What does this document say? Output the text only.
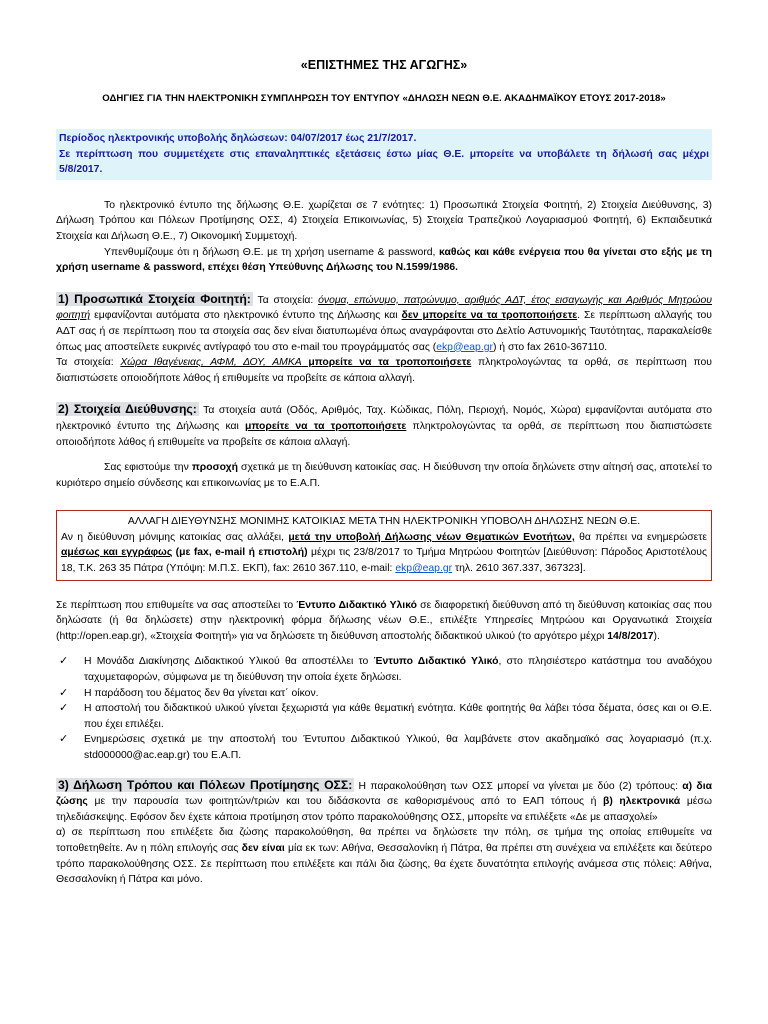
«ΕΠΙΣΤΗΜΕΣ ΤΗΣ ΑΓΩΓΗΣ»

ΟΔΗΓΙΕΣ ΓΙΑ ΤΗΝ ΗΛΕΚΤΡΟΝΙΚΗ ΣΥΜΠΛΗΡΩΣΗ ΤΟΥ ΕΝΤΥΠΟΥ «ΔΗΛΩΣΗ ΝΕΩΝ Θ.Ε. ΑΚΑΔΗΜΑΪΚΟΥ ΕΤΟΥΣ 2017-2018»

Περίοδος ηλεκτρονικής υποβολής δηλώσεων: 04/07/2017 έως 21/7/2017.

Σε περίπτωση που συμμετέχετε στις επαναληπτικές εξετάσεις έστω μίας Θ.Ε. μπορείτε να υποβάλετε τη δήλωσή σας μέχρι 5/8/2017.

Το ηλεκτρονικό έντυπο της δήλωσης Θ.Ε. χωρίζεται σε 7 ενότητες: 1) Προσωπικά Στοιχεία Φοιτητή, 2) Στοιχεία Διεύθυνσης, 3) Δήλωση Τρόπου και Πόλεων Προτίμησης ΟΣΣ, 4) Στοιχεία Επικοινωνίας, 5) Στοιχεία Τραπεζικού Λογαριασμού Φοιτητή, 6) Εκπαιδευτικά Στοιχεία και Δήλωση Θ.Ε., 7) Οικονομική Συμμετοχή.

Υπενθυμίζουμε ότι η δήλωση Θ.Ε. με τη χρήση username & password, καθώς και κάθε ενέργεια που θα γίνεται στο εξής με τη χρήση username & password, επέχει θέση Υπεύθυνης Δήλωσης του Ν.1599/1986.

1) Προσωπικά Στοιχεία Φοιτητή: Τα στοιχεία: όνομα, επώνυμο, πατρώνυμο, αριθμός ΑΔΤ, έτος εισαγωγής και Αριθμός Μητρώου φοιτητή εμφανίζονται αυτόματα στο ηλεκτρονικό έντυπο της Δήλωσης και δεν μπορείτε να τα τροποποιήσετε. Σε περίπτωση αλλαγής του ΑΔΤ σας ή σε περίπτωση που τα στοιχεία σας δεν είναι διατυπωμένα όπως αναγράφονται στο Δελτίο Αστυνομικής Ταυτότητας, παρακαλείσθε όπως μας αποστείλετε ευκρινές αντίγραφό του στο e-mail του προγράμματός σας (ekp@eap.gr) ή στο fax 2610-367110.

Τα στοιχεία: Χώρα Ιθαγένειας, ΑΦΜ, ΔΟΥ, ΑΜΚΑ μπορείτε να τα τροποποιήσετε πληκτρολογώντας τα ορθά, σε περίπτωση που διαπιστώσετε οποιοδήποτε λάθος ή επιθυμείτε να προβείτε σε κάποια αλλαγή.

2) Στοιχεία Διεύθυνσης: Τα στοιχεία αυτά (Οδός, Αριθμός, Ταχ. Κώδικας, Πόλη, Περιοχή, Νομός, Χώρα) εμφανίζονται αυτόματα στο ηλεκτρονικό έντυπο της Δήλωσης και μπορείτε να τα τροποποιήσετε πληκτρολογώντας τα ορθά, σε περίπτωση που διαπιστώσετε οποιοδήποτε λάθος ή επιθυμείτε να προβείτε σε κάποια αλλαγή.

Σας εφιστούμε την προσοχή σχετικά με τη διεύθυνση κατοικίας σας. Η διεύθυνση την οποία δηλώνετε στην αίτησή σας, αποτελεί το κυριότερο σημείο σύνδεσης και επικοινωνίας με το Ε.Α.Π.

ΑΛΛΑΓΗ ΔΙΕΥΘΥΝΣΗΣ ΜΟΝΙΜΗΣ ΚΑΤΟΙΚΙΑΣ ΜΕΤΑ ΤΗΝ ΗΛΕΚΤΡΟΝΙΚΗ ΥΠΟΒΟΛΗ ΔΗΛΩΣΗΣ ΝΕΩΝ Θ.Ε.

Αν η διεύθυνση μόνιμης κατοικίας σας αλλάξει, μετά την υποβολή Δήλωσης νέων Θεματικών Ενοτήτων, θα πρέπει να ενημερώσετε αμέσως και εγγράφως (με fax, e-mail ή επιστολή) μέχρι τις 23/8/2017 το Τμήμα Μητρώου Φοιτητών [Διεύθυνση: Πάροδος Αριστοτέλους 18, Τ.Κ. 263 35 Πάτρα (Υπόψη: Μ.Π.Σ. ΕΚΠ), fax: 2610 367.110, e-mail: ekp@eap.gr τηλ. 2610 367.337, 367323].

Σε περίπτωση που επιθυμείτε να σας αποστείλει το Έντυπο Διδακτικό Υλικό σε διαφορετική διεύθυνση από τη διεύθυνση κατοικίας σας που δηλώσατε (ή θα δηλώσετε) στην ηλεκτρονική φόρμα δήλωσης νέων Θ.Ε., επιλέξτε Υπηρεσίες Μητρώου και Οργανωτικά Στοιχεία (http://open.eap.gr), «Στοιχεία Φοιτητή» για να δηλώσετε τη διεύθυνση αποστολής διδακτικού υλικού (το αργότερο μέχρι 14/8/2017).

✓ Η Μονάδα Διακίνησης Διδακτικού Υλικού θα αποστέλλει το Έντυπο Διδακτικό Υλικό, στο πλησιέστερο κατάστημα του αναδόχου ταχυμεταφορών, σύμφωνα με τη διεύθυνση την οποία έχετε δηλώσει.
✓ Η παράδοση του δέματος δεν θα γίνεται κατ΄ οίκον.
✓ Η αποστολή του διδακτικού υλικού γίνεται ξεχωριστά για κάθε θεματική ενότητα. Κάθε φοιτητής θα λάβει τόσα δέματα, όσες και οι Θ.Ε. που έχει επιλέξει.
✓ Ενημερώσεις σχετικά με την αποστολή του Έντυπου Διδακτικού Υλικού, θα λαμβάνετε στον ακαδημαϊκό σας λογαριασμό (π.χ. std000000@ac.eap.gr) του Ε.Α.Π.

3) Δήλωση Τρόπου και Πόλεων Προτίμησης ΟΣΣ: Η παρακολούθηση των ΟΣΣ μπορεί να γίνεται με δύο (2) τρόπους: α) δια ζώσης με την παρουσία των φοιτητών/τριών και του διδάσκοντα σε καθορισμένους από το ΕΑΠ τόπους ή β) ηλεκτρονικά μέσω τηλεδιάσκεψης. Εφόσον δεν έχετε κάποια προτίμηση στον τρόπο παρακολούθησης ΟΣΣ, μπορείτε να επιλέξετε «Δε με απασχολεί»

α) σε περίπτωση που επιλέξετε δια ζώσης παρακολούθηση, θα πρέπει να δηλώσετε την πόλη, σε τμήμα της οποίας επιθυμείτε να τοποθετηθείτε. Αν η πόλη επιλογής σας δεν είναι μία εκ των: Αθήνα, Θεσσαλονίκη ή Πάτρα, θα πρέπει στη συνέχεια να επιλέξετε και δεύτερο τρόπο παρακολούθησης ΟΣΣ. Σε περίπτωση που επιλέξετε και πάλι δια ζώσης, θα έχετε δυνατότητα επιλογής ανάμεσα στις πόλεις: Αθήνα, Θεσσαλονίκη ή Πάτρα και μόνο.
